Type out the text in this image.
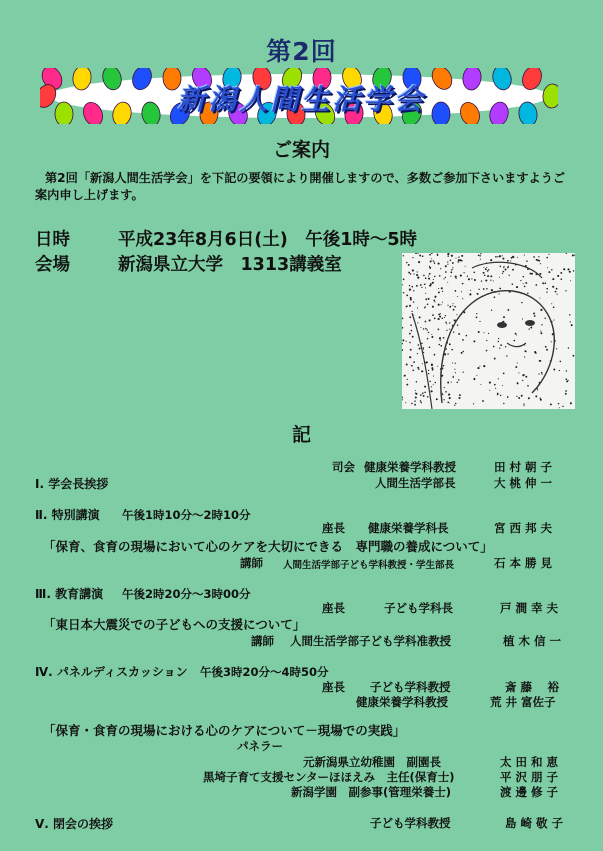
第2回
新潟人間生活学会
ご案内
第2回「新潟人間生活学会」を下記の要領により開催しますので、多数ご参加下さいますようご案内申し上げます。
日時	平成23年8月6日(土)　午後1時～5時
会場	新潟県立大学　1313講義室
記
司会 健康栄養学科教授	田 村 朝 子
Ⅰ. 学会長挨拶	人間生活学部長	大 桃 伸 一
Ⅱ. 特別講演 午後1時10分～2時10分
座長 健康栄養学科長	宮 西 邦 夫
「保育、食育の現場において心のケアを大切にできる　専門職の養成について」
講師 人間生活学部子ども学科教授・学生部長	石 本 勝 見
Ⅲ. 教育講演 午後2時20分～3時00分
座長	子ども学科長	戸 澗 幸 夫
「東日本大震災での子どもへの支援について」
講師 人間生活学部子ども学科准教授	植 木 信 一
Ⅳ. パネルディスカッション 午後3時20分～4時50分
座長 子ども学科教授	斎 藤 　裕
健康栄養学科教授	荒 井 富佐子
「保育・食育の現場における心のケアについて－現場での実践」
パネラー
元新潟県立幼稚園　副園長	太 田 和 恵
黒埼子育て支援センターほほえみ　主任(保育士)	平 沢 朋 子
新潟学園　副参事(管理栄養士)	渡 邊 修 子
Ⅴ. 閉会の挨拶	子ども学科教授	島 崎 敬 子
